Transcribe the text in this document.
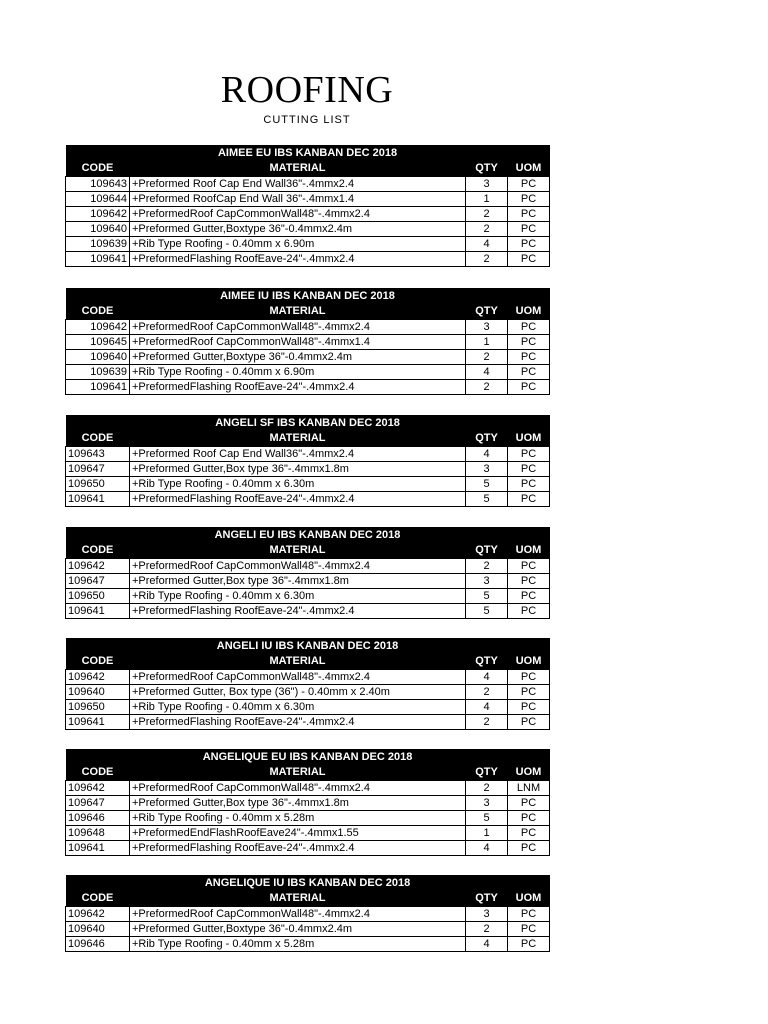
ROOFING
CUTTING LIST
AIMEE EU IBS KANBAN DEC 2018			
CODE	MATERIAL	QTY	UOM
109643	+Preformed Roof Cap End Wall36"-.4mmx2.4	3	PC
109644	+Preformed RoofCap End Wall 36"-.4mmx1.4	1	PC
109642	+PreformedRoof CapCommonWall48"-.4mmx2.4	2	PC
109640	+Preformed Gutter,Boxtype 36"-0.4mmx2.4m	2	PC
109639	+Rib Type Roofing - 0.40mm x 6.90m	4	PC
109641	+PreformedFlashing RoofEave-24"-.4mmx2.4	2	PC
AIMEE IU IBS KANBAN DEC 2018			
CODE	MATERIAL	QTY	UOM
109642	+PreformedRoof CapCommonWall48"-.4mmx2.4	3	PC
109645	+PreformedRoof CapCommonWall48"-.4mmx1.4	1	PC
109640	+Preformed Gutter,Boxtype 36"-0.4mmx2.4m	2	PC
109639	+Rib Type Roofing - 0.40mm x 6.90m	4	PC
109641	+PreformedFlashing RoofEave-24"-.4mmx2.4	2	PC
ANGELI SF IBS KANBAN DEC 2018			
CODE	MATERIAL	QTY	UOM
109643	+Preformed Roof Cap End Wall36"-.4mmx2.4	4	PC
109647	+Preformed Gutter,Box type 36"-.4mmx1.8m	3	PC
109650	+Rib Type Roofing - 0.40mm x 6.30m	5	PC
109641	+PreformedFlashing RoofEave-24"-.4mmx2.4	5	PC
ANGELI EU IBS KANBAN DEC 2018			
CODE	MATERIAL	QTY	UOM
109642	+PreformedRoof CapCommonWall48"-.4mmx2.4	2	PC
109647	+Preformed Gutter,Box type 36"-.4mmx1.8m	3	PC
109650	+Rib Type Roofing - 0.40mm x 6.30m	5	PC
109641	+PreformedFlashing RoofEave-24"-.4mmx2.4	5	PC
ANGELI IU IBS KANBAN DEC 2018			
CODE	MATERIAL	QTY	UOM
109642	+PreformedRoof CapCommonWall48"-.4mmx2.4	4	PC
109640	+Preformed Gutter, Box type (36") - 0.40mm x 2.40m	2	PC
109650	+Rib Type Roofing - 0.40mm x 6.30m	4	PC
109641	+PreformedFlashing RoofEave-24"-.4mmx2.4	2	PC
ANGELIQUE EU IBS KANBAN DEC 2018			
CODE	MATERIAL	QTY	UOM
109642	+PreformedRoof CapCommonWall48"-.4mmx2.4	2	LNM
109647	+Preformed Gutter,Box type 36"-.4mmx1.8m	3	PC
109646	+Rib Type Roofing - 0.40mm x 5.28m	5	PC
109648	+PreformedEndFlashRoofEave24"-.4mmx1.55	1	PC
109641	+PreformedFlashing RoofEave-24"-.4mmx2.4	4	PC
ANGELIQUE IU IBS KANBAN DEC 2018			
CODE	MATERIAL	QTY	UOM
109642	+PreformedRoof CapCommonWall48"-.4mmx2.4	3	PC
109640	+Preformed Gutter,Boxtype 36"-0.4mmx2.4m	2	PC
109646	+Rib Type Roofing - 0.40mm x 5.28m	4	PC
